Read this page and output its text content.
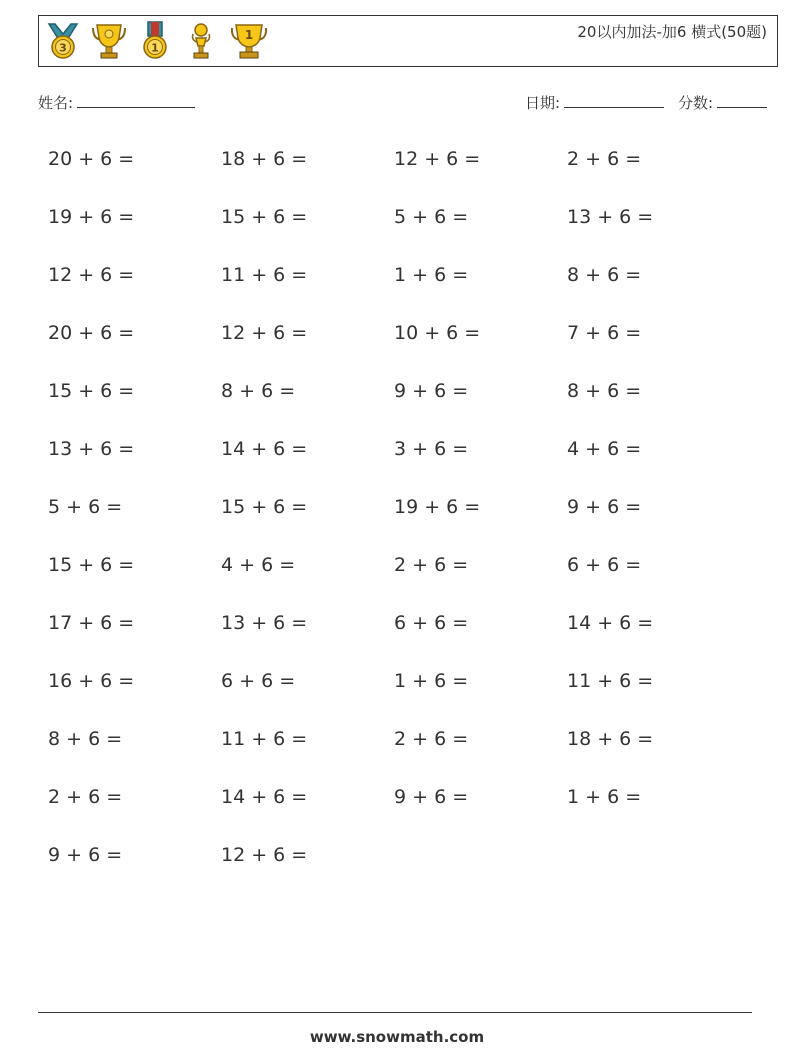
3	1
1	20以内加法-加6 横式(50题)
姓名:	日期:	分数:
20 + 6 =	18 + 6 =	12 + 6 =	2 + 6 =
19 + 6 =	15 + 6 =	5 + 6 =	13 + 6 =
12 + 6 =	11 + 6 =	1 + 6 =	8 + 6 =
20 + 6 =	12 + 6 =	10 + 6 =	7 + 6 =
15 + 6 =	8 + 6 =	9 + 6 =	8 + 6 =
13 + 6 =	14 + 6 =	3 + 6 =	4 + 6 =
5 + 6 =	15 + 6 =	19 + 6 =	9 + 6 =
15 + 6 =	4 + 6 =	2 + 6 =	6 + 6 =
17 + 6 =	13 + 6 =	6 + 6 =	14 + 6 =
16 + 6 =	6 + 6 =	1 + 6 =	11 + 6 =
8 + 6 =	11 + 6 =	2 + 6 =	18 + 6 =
2 + 6 =	14 + 6 =	9 + 6 =	1 + 6 =
9 + 6 =	12 + 6 =
www.snowmath.com
